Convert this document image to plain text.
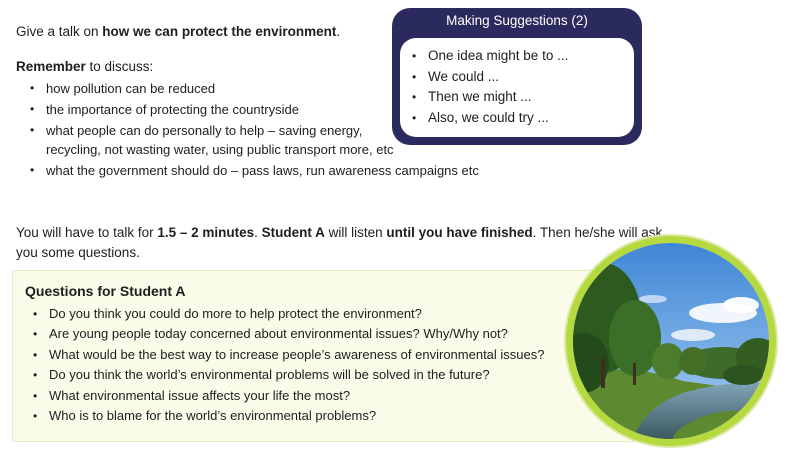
Give a talk on how we can protect the environment.
Remember to discuss:
• how pollution can be reduced
• the importance of protecting the countryside
• what people can do personally to help – saving energy, recycling, not wasting water, using public transport more, etc
• what the government should do – pass laws, run awareness campaigns etc
Making Suggestions (2)
• One idea might be to ...
• We could ...
• Then we might ...
• Also, we could try ...
You will have to talk for 1.5 – 2 minutes. Student A will listen until you have finished. Then he/she will ask you some questions.
Questions for Student A
• Do you think you could do more to help protect the environment?
• Are young people today concerned about environmental issues? Why/Why not?
• What would be the best way to increase people’s awareness of environmental issues?
• Do you think the world’s environmental problems will be solved in the future?
• What environmental issue affects your life the most?
• Who is to blame for the world’s environmental problems?
